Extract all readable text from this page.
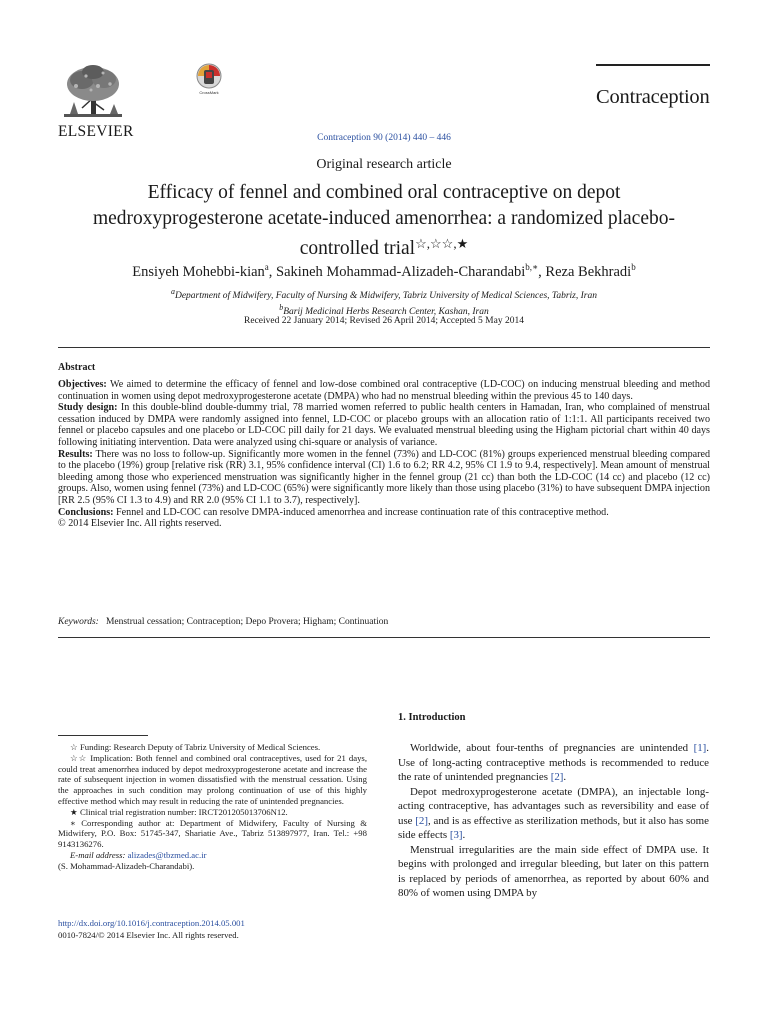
ELSEVIER
CrossMark	Contraception
Contraception 90 (2014) 440 – 446
Original research article
Efficacy of fennel and combined oral contraceptive on depot medroxyprogesterone acetate-induced amenorrhea: a randomized placebo-controlled trial☆,☆☆,★
Ensiyeh Mohebbi-kian$^a$, Sakineh Mohammad-Alizadeh-Charandabi$^{b,∗}$, Reza Bekhradi$^b$
$^a$Department of Midwifery, Faculty of Nursing & Midwifery, Tabriz University of Medical Sciences, Tabriz, Iran
$^b$Barij Medicinal Herbs Research Center, Kashan, Iran
Received 22 January 2014; Revised 26 April 2014; Accepted 5 May 2014
Abstract

Objectives: We aimed to determine the efficacy of fennel and low-dose combined oral contraceptive (LD-COC) on inducing menstrual bleeding and method continuation in women using depot medroxyprogesterone acetate (DMPA) who had no menstrual bleeding within the previous 45 to 140 days.

Study design: In this double-blind double-dummy trial, 78 married women referred to public health centers in Hamadan, Iran, who complained of menstrual cessation induced by DMPA were randomly assigned into fennel, LD-COC or placebo groups with an allocation ratio of 1:1:1. All participants received two fennel or placebo capsules and one placebo or LD-COC pill daily for 21 days. We evaluated menstrual bleeding using the Higham pictorial chart within 40 days following initiating intervention. Data were analyzed using chi-square or analysis of variance.

Results: There was no loss to follow-up. Significantly more women in the fennel (73%) and LD-COC (81%) groups experienced menstrual bleeding compared to the placebo (19%) group [relative risk (RR) 3.1, 95% confidence interval (CI) 1.6 to 6.2; RR 4.2, 95% CI 1.9 to 9.4, respectively]. Mean amount of menstrual bleeding among those who experienced menstruation was significantly higher in the fennel group (21 cc) than both the LD-COC (14 cc) and placebo (12 cc) groups. Also, women using fennel (73%) and LD-COC (65%) were significantly more likely than those using placebo (31%) to have subsequent DMPA injection [RR 2.5 (95% CI 1.3 to 4.9) and RR 2.0 (95% CI 1.1 to 3.7), respectively].

Conclusions: Fennel and LD-COC can resolve DMPA-induced amenorrhea and increase continuation rate of this contraceptive method.

© 2014 Elsevier Inc. All rights reserved.

Keywords: Menstrual cessation; Contraception; Depo Provera; Higham; Continuation

☆ Funding: Research Deputy of Tabriz University of Medical Sciences.

☆☆ Implication: Both fennel and combined oral contraceptives, used for 21 days, could treat amenorrhea induced by depot medroxyprogesterone acetate and increase the rate of subsequent injection in women dissatisfied with the menstrual cessation. Using the approaches in such condition may prolong continuation of use of this highly effective method which may result in reducing the rate of unintended pregnancies.

★ Clinical trial registration number: IRCT201205013706N12.

∗ Corresponding author at: Department of Midwifery, Faculty of Nursing & Midwifery, P.O. Box: 51745-347, Shariatie Ave., Tabriz 513897977, Iran. Tel.: +98 9143136276.

E-mail address: alizades@tbzmed.ac.ir

(S. Mohammad-Alizadeh-Charandabi).

http://dx.doi.org/10.1016/j.contraception.2014.05.001
0010-7824/© 2014 Elsevier Inc. All rights reserved.
1. Introduction

Worldwide, about four-tenths of pregnancies are unintended [1]. Use of long-acting contraceptive methods is recommended to reduce the rate of unintended pregnancies [2].

Depot medroxyprogesterone acetate (DMPA), an injectable long-acting contraceptive, has advantages such as reversibility and ease of use [2], and is as effective as sterilization methods, but it also has some side effects [3].

Menstrual irregularities are the main side effect of DMPA use. It begins with prolonged and irregular bleeding, but later on this pattern is replaced by periods of amenorrhea, as reported by about 60% and 80% of women using DMPA by
